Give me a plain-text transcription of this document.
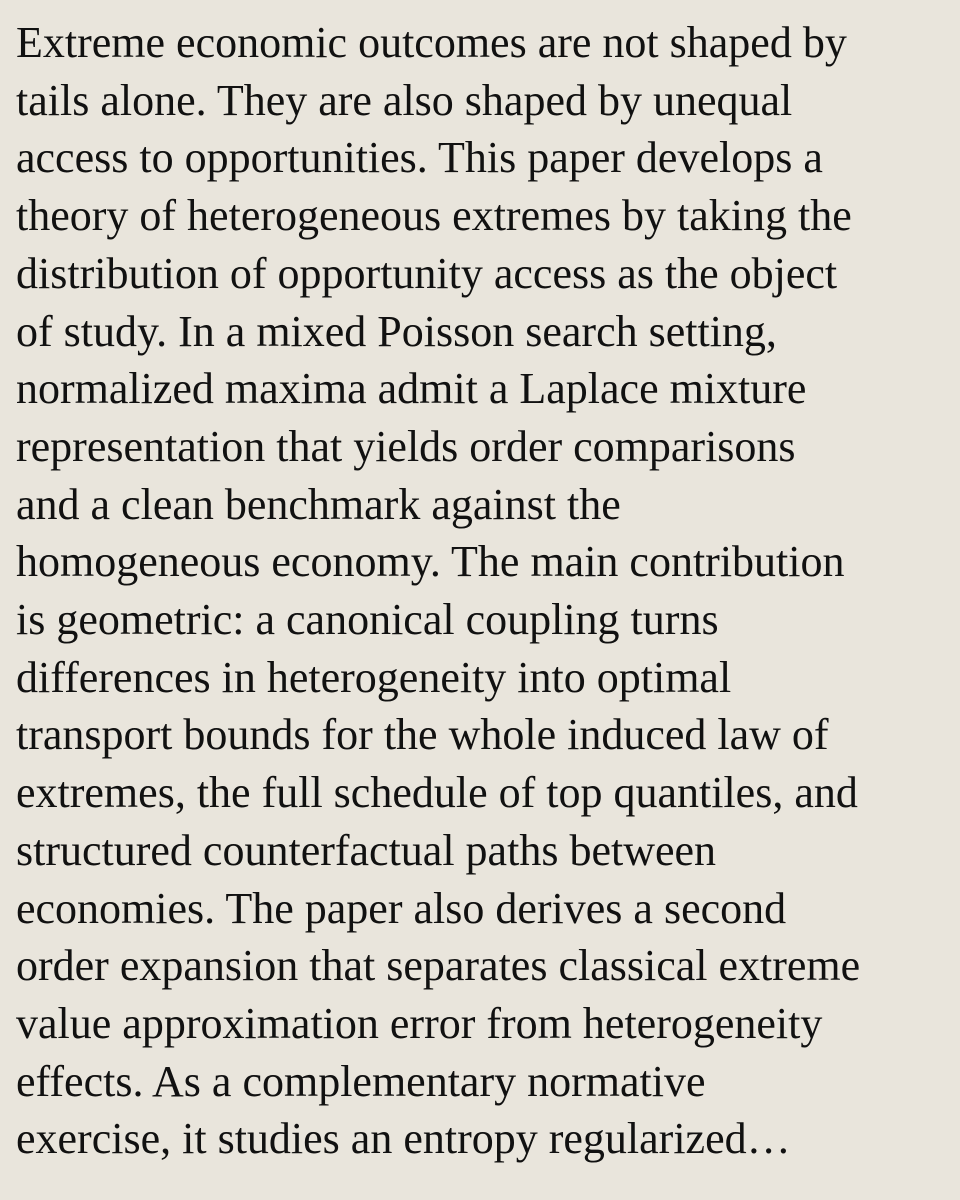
Extreme economic outcomes are not shaped by
tails alone. They are also shaped by unequal
access to opportunities. This paper develops a
theory of heterogeneous extremes by taking the
distribution of opportunity access as the object
of study. In a mixed Poisson search setting,
normalized maxima admit a Laplace mixture
representation that yields order comparisons
and a clean benchmark against the
homogeneous economy. The main contribution
is geometric: a canonical coupling turns
differences in heterogeneity into optimal
transport bounds for the whole induced law of
extremes, the full schedule of top quantiles, and
structured counterfactual paths between
economies. The paper also derives a second
order expansion that separates classical extreme
value approximation error from heterogeneity
effects. As a complementary normative
exercise, it studies an entropy regularized…
